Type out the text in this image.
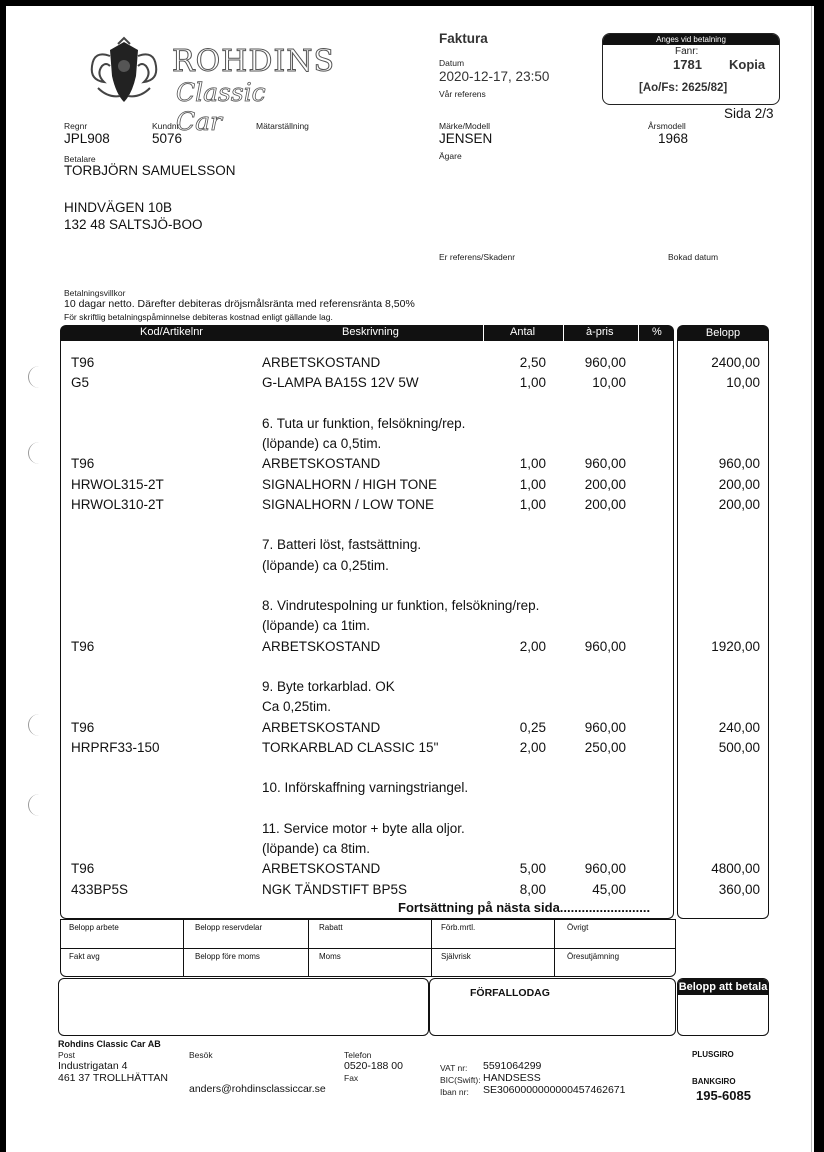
ROHDINS
Classic Car
Faktura
Datum
2020-12-17, 23:50
Vår referens
Anges vid betalning
Fanr:
1781 Kopia
[Ao/Fs: 2625/82]
Sida 2/3
Regnr
JPL908
Kundnr
5076
Mätarställning	Märke/Modell
JENSEN
Årsmodell
1968
Ägare
Betalare
TORBJÖRN SAMUELSSON
HINDVÄGEN 10B
132 48 SALTSJÖ-BOO
Er referens/Skadenr	Bokad datum
Betalningsvillkor
10 dagar netto. Därefter debiteras dröjsmålsränta med referensränta 8,50%
För skriftlig betalningspåminnelse debiteras kostnad enligt gällande lag.
Kod/Artikelnr	Beskrivning	Antal	à-pris	%	Belopp
T96	ARBETSKOSTAND	2,50	960,00	2400,00
G5	G-LAMPA BA15S 12V 5W	1,00	10,00	10,00
6. Tuta ur funktion, felsökning/rep.
(löpande) ca 0,5tim.
T96	ARBETSKOSTAND	1,00	960,00	960,00
HRWOL315-2T	SIGNALHORN / HIGH TONE	1,00	200,00	200,00
HRWOL310-2T	SIGNALHORN / LOW TONE	1,00	200,00	200,00
7. Batteri löst, fastsättning.
(löpande) ca 0,25tim.
8. Vindrutespolning ur funktion, felsökning/rep.
(löpande) ca 1tim.
T96	ARBETSKOSTAND	2,00	960,00	1920,00
9. Byte torkarblad. OK
Ca 0,25tim.
T96	ARBETSKOSTAND	0,25	960,00	240,00
HRPRF33-150	TORKARBLAD CLASSIC 15"	2,00	250,00	500,00
10. Införskaffning varningstriangel.
11. Service motor + byte alla oljor.
(löpande) ca 8tim.
T96	ARBETSKOSTAND	5,00	960,00	4800,00
433BP5S	NGK TÄNDSTIFT BP5S	8,00	45,00	360,00
Fortsättning på nästa sida.........................
Belopp arbete	Belopp reservdelar	Rabatt	Förb.mrtl.	Övrigt
Fakt avg	Belopp före moms	Moms	Självrisk	Öresutjämning
FÖRFALLODAG	Belopp att betala
Rohdins Classic Car AB
Post
Industrigatan 4
461 37 TROLLHÄTTAN
Besök
anders@rohdinsclassiccar.se
Telefon
0520-188 00
Fax
VAT nr: 5591064299
BIC(Swift): HANDSESS
Iban nr: SE3060000000000457462671
PLUSGIRO
BANKGIRO
195-6085
